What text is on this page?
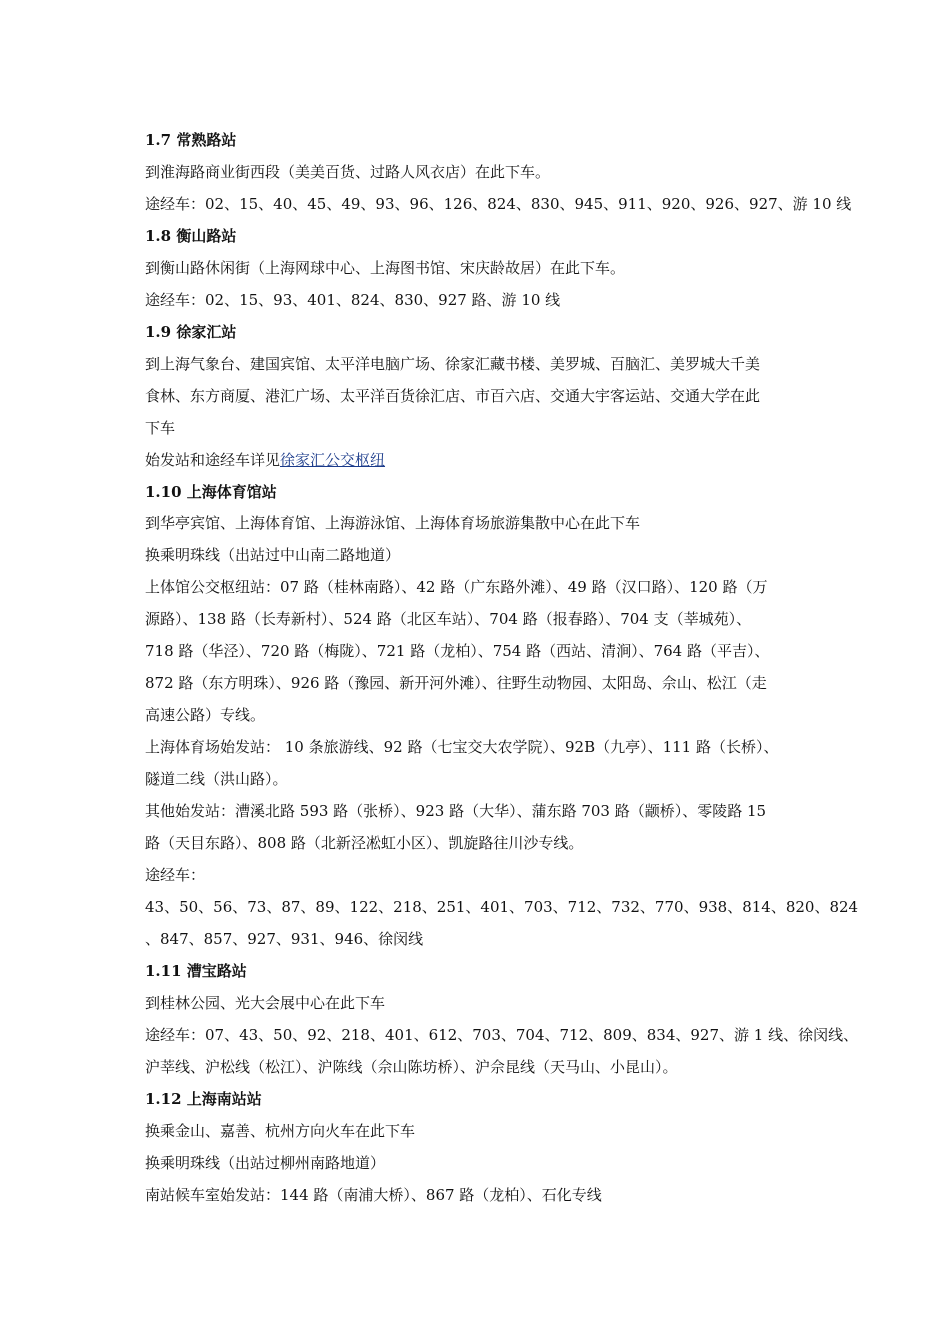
1.7 常熟路站
到淮海路商业街西段（美美百货、过路人风衣店）在此下车。
途经车：02、15、40、45、49、93、96、126、824、830、945、911、920、926、927、游 10 线
1.8 衡山路站
到衡山路休闲街（上海网球中心、上海图书馆、宋庆龄故居）在此下车。
途经车：02、15、93、401、824、830、927 路、游 10 线
1.9 徐家汇站
到上海气象台、建国宾馆、太平洋电脑广场、徐家汇藏书楼、美罗城、百脑汇、美罗城大千美
食林、东方商厦、港汇广场、太平洋百货徐汇店、市百六店、交通大宇客运站、交通大学在此
下车
始发站和途经车详见徐家汇公交枢纽
1.10 上海体育馆站
到华亭宾馆、上海体育馆、上海游泳馆、上海体育场旅游集散中心在此下车
换乘明珠线（出站过中山南二路地道）
上体馆公交枢纽站：07 路（桂林南路）、42 路（广东路外滩）、49 路（汉口路）、120 路（万
源路）、138 路（长寿新村）、524 路（北区车站）、704 路（报春路）、704 支（莘城苑）、
718 路（华泾）、720 路（梅陇）、721 路（龙柏）、754 路（西站、清涧）、764 路（平吉）、
872 路（东方明珠）、926 路（豫园、新开河外滩）、往野生动物园、太阳岛、佘山、松江（走
高速公路）专线。
上海体育场始发站： 10 条旅游线、92 路（七宝交大农学院）、92B（九亭）、111 路（长桥）、
隧道二线（洪山路）。
其他始发站：漕溪北路 593 路（张桥）、923 路（大华）、蒲东路 703 路（颛桥）、零陵路 15
路（天目东路）、808 路（北新泾凇虹小区）、凯旋路往川沙专线。
途经车：
43、50、56、73、87、89、122、218、251、401、703、712、732、770、938、814、820、824
、847、857、927、931、946、徐闵线
1.11 漕宝路站
到桂林公园、光大会展中心在此下车
途经车：07、43、50、92、218、401、612、703、704、712、809、834、927、游 1 线、徐闵线、
沪莘线、沪松线（松江）、沪陈线（佘山陈坊桥）、沪佘昆线（天马山、小昆山）。
1.12 上海南站站
换乘金山、嘉善、杭州方向火车在此下车
换乘明珠线（出站过柳州南路地道）
南站候车室始发站：144 路（南浦大桥）、867 路（龙柏）、石化专线
